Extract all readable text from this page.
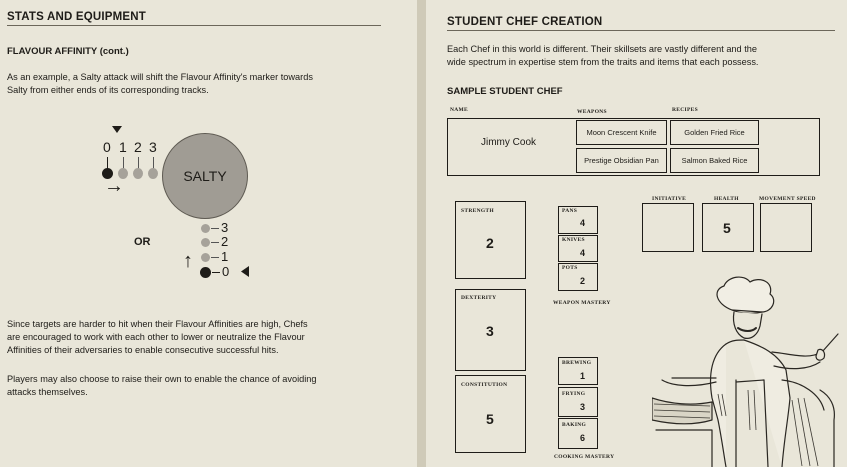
STATS AND EQUIPMENT
FLAVOUR AFFINITY (cont.)
As an example, a Salty attack will shift the Flavour Affinity's marker towards
Salty from either ends of its corresponding tracks.
0 1 2 3
→	SALTY
OR
3
2
1
0
↑
Since targets are harder to hit when their Flavour Affinities are high, Chefs
are encouraged to work with each other to lower or neutralize the Flavour
Affinities of their adversaries to enable consecutive successful hits.
Players may also choose to raise their own to enable the chance of avoiding
attacks themselves.
STUDENT CHEF CREATION
Each Chef in this world is different. Their skillsets are vastly different and the
wide spectrum in expertise stem from the traits and items that each possess.
SAMPLE STUDENT CHEF
NAME	WEAPONS	RECIPES
Jimmy Cook
Moon Crescent Knife
Prestige Obsidian Pan
Golden Fried Rice
Salmon Baked Rice
STRENGTH
2
DEXTERITY
3
CONSTITUTION
5
PANS
4
KNIVES
4
POTS
2
WEAPON MASTERY
BREWING
1
FRYING
3
BAKING
6
COOKING MASTERY
INITIATIVE	HEALTH	MOVEMENT SPEED
5
